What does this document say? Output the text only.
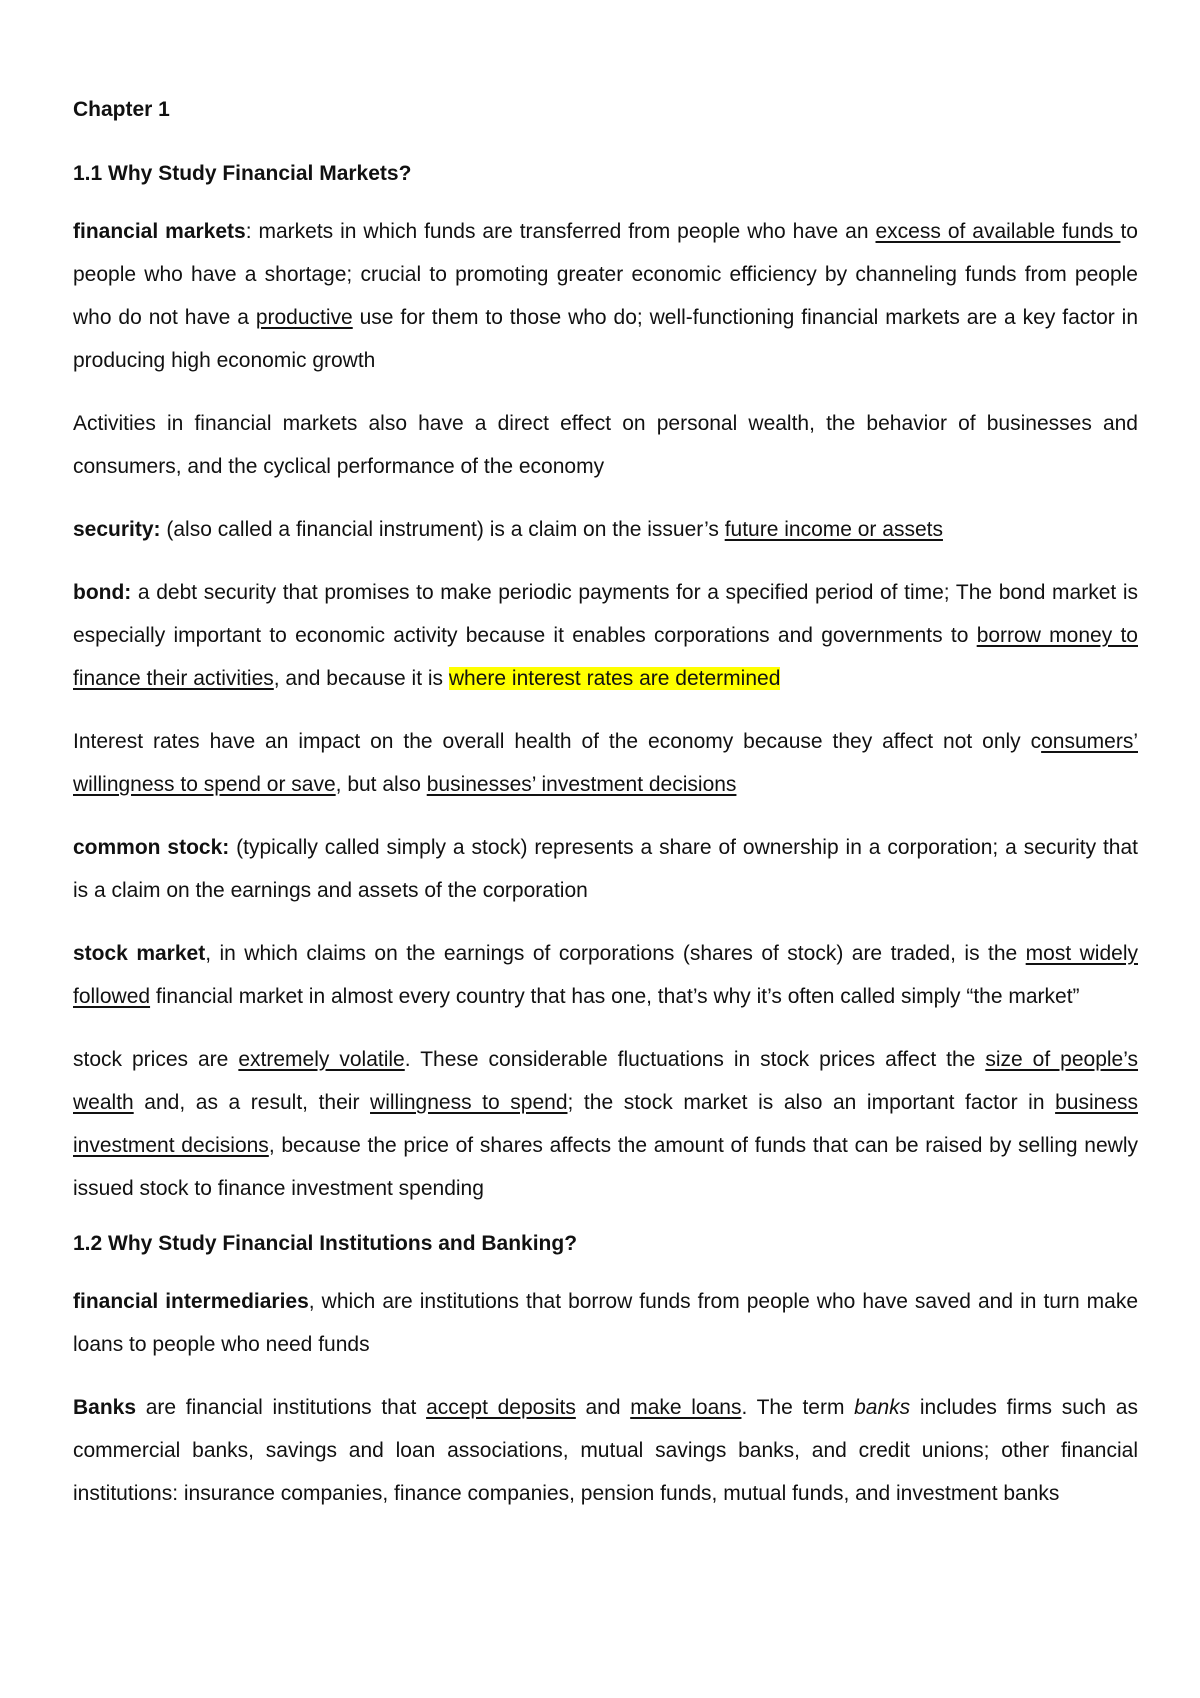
Chapter 1
1.1 Why Study Financial Markets?

financial markets: markets in which funds are transferred from people who have an excess of available funds to people who have a shortage; crucial to promoting greater economic efficiency by channeling funds from people who do not have a productive use for them to those who do; well-functioning financial markets are a key factor in producing high economic growth

Activities in financial markets also have a direct effect on personal wealth, the behavior of businesses and consumers, and the cyclical performance of the economy

security: (also called a financial instrument) is a claim on the issuer’s future income or assets

bond: a debt security that promises to make periodic payments for a specified period of time; The bond market is especially important to economic activity because it enables corporations and governments to borrow money to finance their activities, and because it is where interest rates are determined

Interest rates have an impact on the overall health of the economy because they affect not only consumers’ willingness to spend or save, but also businesses’ investment decisions

common stock: (typically called simply a stock) represents a share of ownership in a corporation; a security that is a claim on the earnings and assets of the corporation

stock market, in which claims on the earnings of corporations (shares of stock) are traded, is the most widely followed financial market in almost every country that has one, that’s why it’s often called simply “the market”

stock prices are extremely volatile. These considerable fluctuations in stock prices affect the size of people’s wealth and, as a result, their willingness to spend; the stock market is also an important factor in business investment decisions, because the price of shares affects the amount of funds that can be raised by selling newly issued stock to finance investment spending

1.2 Why Study Financial Institutions and Banking?

financial intermediaries, which are institutions that borrow funds from people who have saved and in turn make loans to people who need funds

Banks are financial institutions that accept deposits and make loans. The term banks includes firms such as commercial banks, savings and loan associations, mutual savings banks, and credit unions; other financial institutions: insurance companies, finance companies, pension funds, mutual funds, and investment banks
